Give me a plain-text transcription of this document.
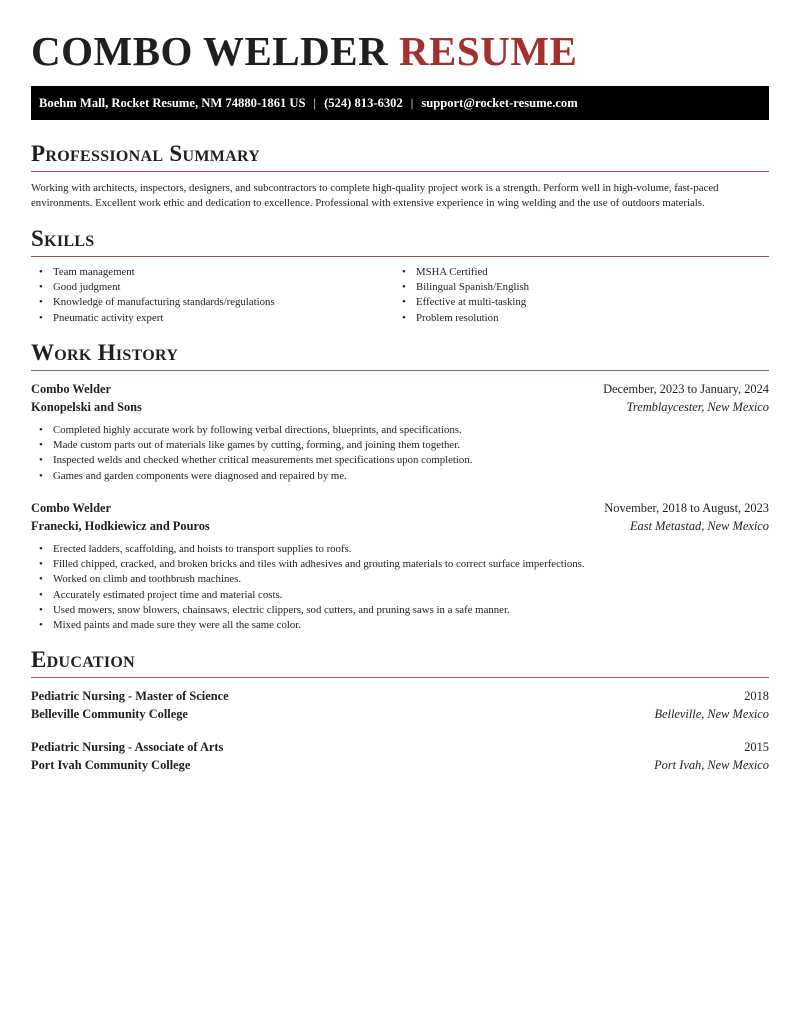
COMBO WELDER RESUME
Boehm Mall, Rocket Resume, NM 74880-1861 US | (524) 813-6302 | support@rocket-resume.com
Professional Summary
Working with architects, inspectors, designers, and subcontractors to complete high-quality project work is a strength. Perform well in high-volume, fast-paced environments. Excellent work ethic and dedication to excellence. Professional with extensive experience in wing welding and the use of outdoors materials.
Skills
• Team management
• Good judgment
• Knowledge of manufacturing standards/regulations
• Pneumatic activity expert
• MSHA Certified
• Bilingual Spanish/English
• Effective at multi-tasking
• Problem resolution
Work History
Combo Welder	December, 2023 to January, 2024
Konopelski and Sons	Tremblaycester, New Mexico
• Completed highly accurate work by following verbal directions, blueprints, and specifications.
• Made custom parts out of materials like games by cutting, forming, and joining them together.
• Inspected welds and checked whether critical measurements met specifications upon completion.
• Games and garden components were diagnosed and repaired by me.
Combo Welder	November, 2018 to August, 2023
Franecki, Hodkiewicz and Pouros	East Metastad, New Mexico
• Erected ladders, scaffolding, and hoists to transport supplies to roofs.
• Filled chipped, cracked, and broken bricks and tiles with adhesives and grouting materials to correct surface imperfections.
• Worked on climb and toothbrush machines.
• Accurately estimated project time and material costs.
• Used mowers, snow blowers, chainsaws, electric clippers, sod cutters, and pruning saws in a safe manner.
• Mixed paints and made sure they were all the same color.
Education
Pediatric Nursing - Master of Science	2018
Belleville Community College	Belleville, New Mexico
Pediatric Nursing - Associate of Arts	2015
Port Ivah Community College	Port Ivah, New Mexico
